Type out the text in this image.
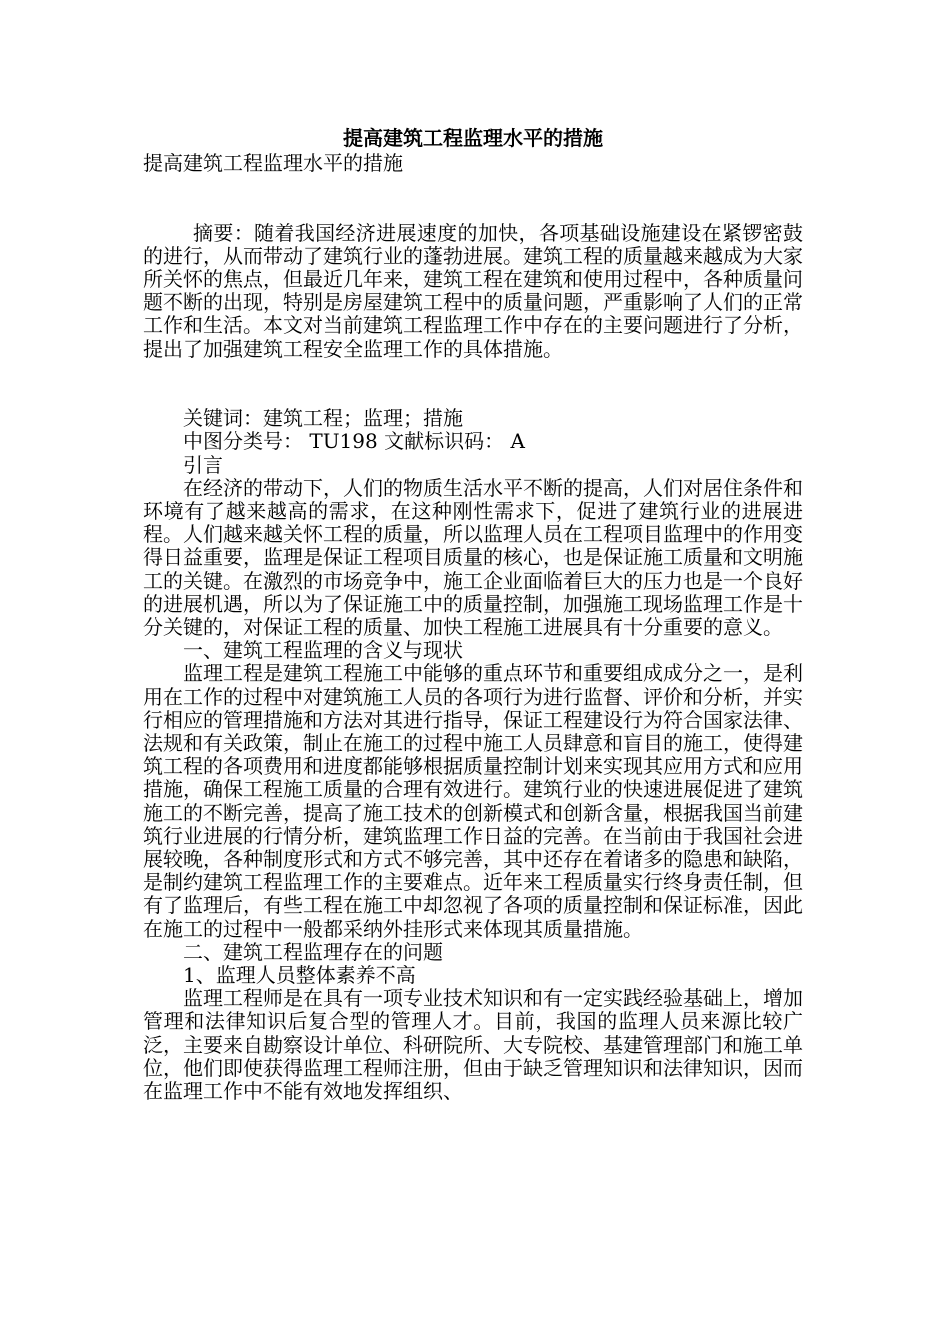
提高建筑工程监理水平的措施

提高建筑工程监理水平的措施

摘要：随着我国经济进展速度的加快，各项基础设施建设在紧锣密鼓的进行，从而带动了建筑行业的蓬勃进展。建筑工程的质量越来越成为大家所关怀的焦点，但最近几年来，建筑工程在建筑和使用过程中，各种质量问题不断的出现，特别是房屋建筑工程中的质量问题，严重影响了人们的正常工作和生活。本文对当前建筑工程监理工作中存在的主要问题进行了分析，提出了加强建筑工程安全监理工作的具体措施。

关键词：建筑工程；监理；措施

中图分类号： TU198 文献标识码： A

引言

在经济的带动下，人们的物质生活水平不断的提高，人们对居住条件和环境有了越来越高的需求，在这种刚性需求下，促进了建筑行业的进展进程。人们越来越关怀工程的质量，所以监理人员在工程项目监理中的作用变得日益重要，监理是保证工程项目质量的核心，也是保证施工质量和文明施工的关键。在激烈的市场竞争中，施工企业面临着巨大的压力也是一个良好的进展机遇，所以为了保证施工中的质量控制，加强施工现场监理工作是十分关键的，对保证工程的质量、加快工程施工进展具有十分重要的意义。

一、建筑工程监理的含义与现状

监理工程是建筑工程施工中能够的重点环节和重要组成成分之一，是利用在工作的过程中对建筑施工人员的各项行为进行监督、评价和分析，并实行相应的管理措施和方法对其进行指导，保证工程建设行为符合国家法律、法规和有关政策，制止在施工的过程中施工人员肆意和盲目的施工，使得建筑工程的各项费用和进度都能够根据质量控制计划来实现其应用方式和应用措施，确保工程施工质量的合理有效进行。建筑行业的快速进展促进了建筑施工的不断完善，提高了施工技术的创新模式和创新含量，根据我国当前建筑行业进展的行情分析，建筑监理工作日益的完善。在当前由于我国社会进展较晚，各种制度形式和方式不够完善，其中还存在着诸多的隐患和缺陷，是制约建筑工程监理工作的主要难点。近年来工程质量实行终身责任制，但有了监理后，有些工程在施工中却忽视了各项的质量控制和保证标准，因此在施工的过程中一般都采纳外挂形式来体现其质量措施。

二、建筑工程监理存在的问题

1、监理人员整体素养不高

监理工程师是在具有一项专业技术知识和有一定实践经验基础上，增加管理和法律知识后复合型的管理人才。目前，我国的监理人员来源比较广泛，主要来自勘察设计单位、科研院所、大专院校、基建管理部门和施工单位，他们即使获得监理工程师注册，但由于缺乏管理知识和法律知识，因而在监理工作中不能有效地发挥组织、
